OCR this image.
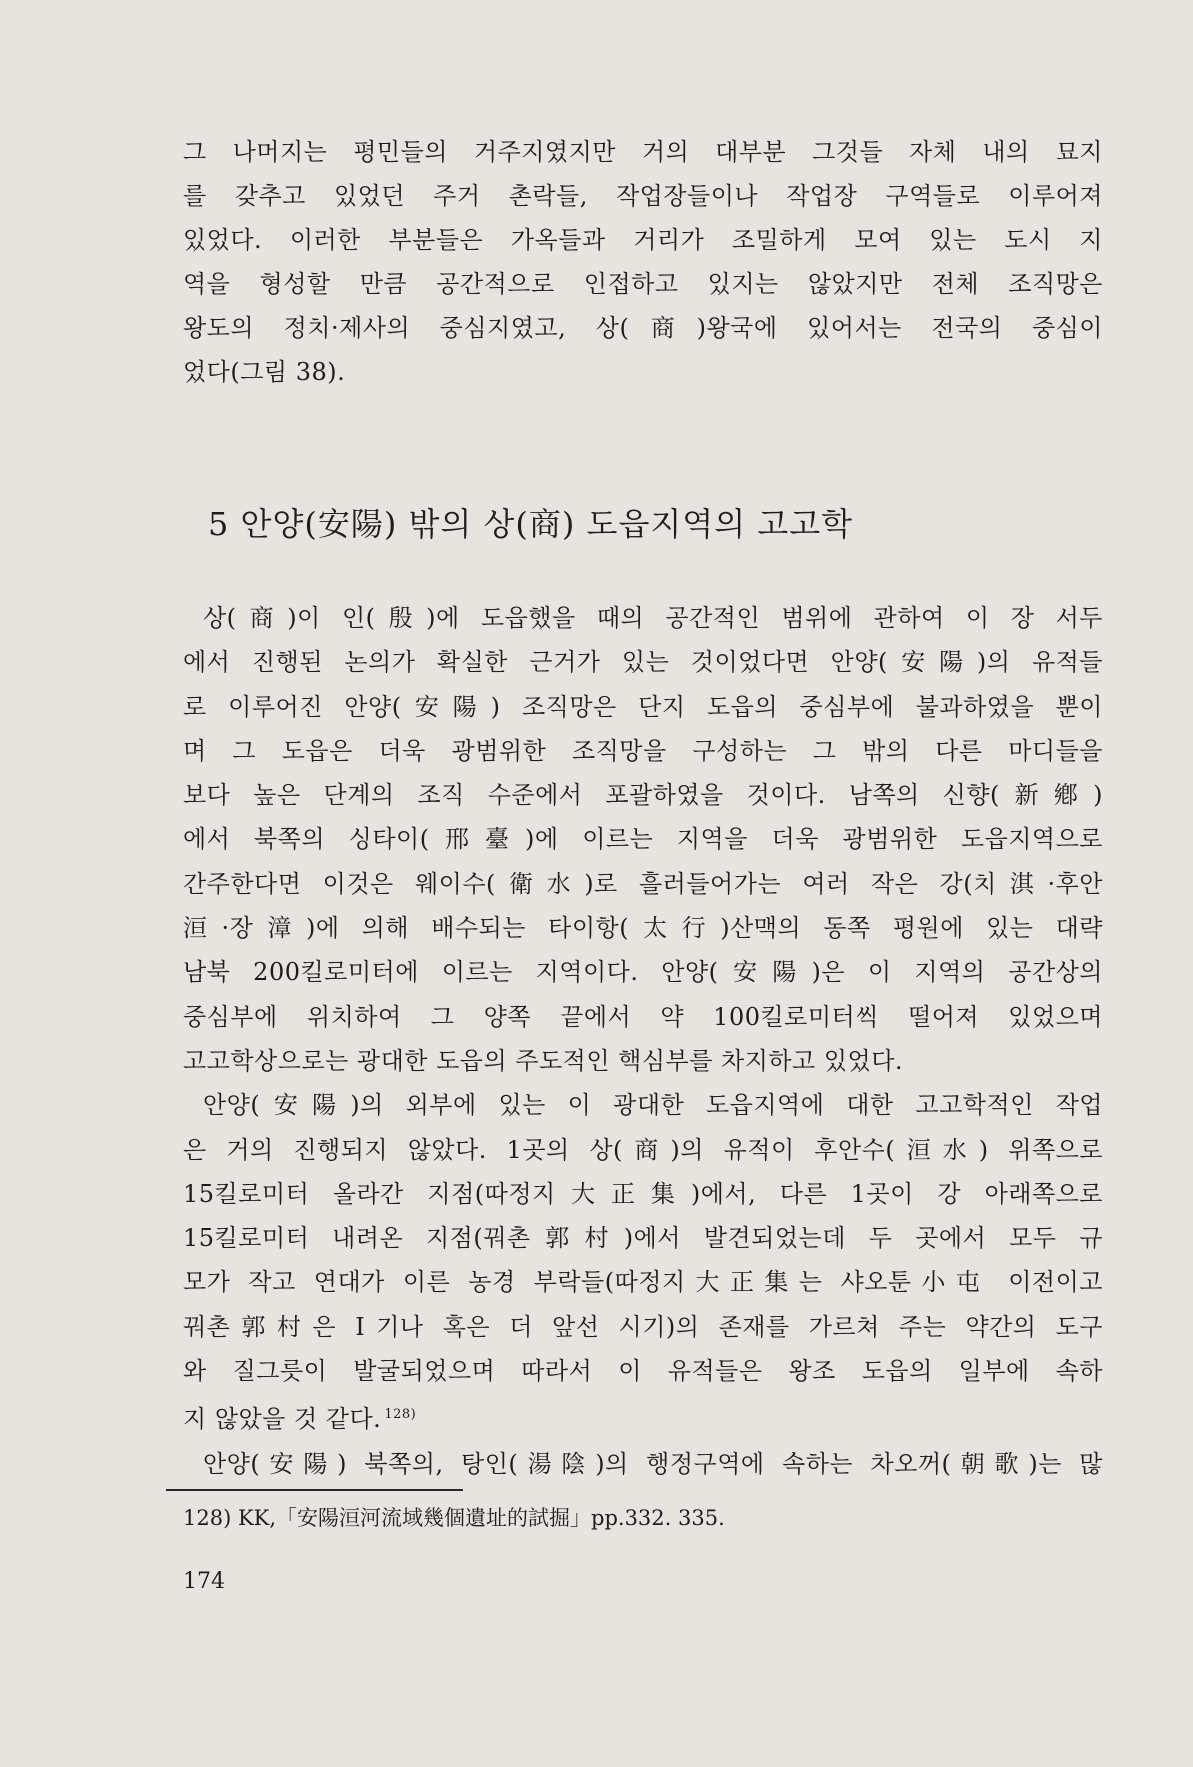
그 나머지는 평민들의 거주지였지만 거의 대부분 그것들 자체 내의 묘지
를 갖추고 있었던 주거 촌락들, 작업장들이나 작업장 구역들로 이루어져
있었다. 이러한 부분들은 가옥들과 거리가 조밀하게 모여 있는 도시 지
역을 형성할 만큼 공간적으로 인접하고 있지는 않았지만 전체 조직망은
왕도의 정치·제사의 중심지였고, 상(商)왕국에 있어서는 전국의 중심이
었다(그림 38).
5 안양(安陽) 밖의 상(商) 도읍지역의 고고학
상(商)이 인(殷)에 도읍했을 때의 공간적인 범위에 관하여 이 장 서두
에서 진행된 논의가 확실한 근거가 있는 것이었다면 안양(安陽)의 유적들
로 이루어진 안양(安陽) 조직망은 단지 도읍의 중심부에 불과하였을 뿐이
며 그 도읍은 더욱 광범위한 조직망을 구성하는 그 밖의 다른 마디들을
보다 높은 단계의 조직 수준에서 포괄하였을 것이다. 남쪽의 신향(新鄕)
에서 북쪽의 싱타이(邢臺)에 이르는 지역을 더욱 광범위한 도읍지역으로
간주한다면 이것은 웨이수(衛水)로 흘러들어가는 여러 작은 강(치淇·후안
洹·장漳)에 의해 배수되는 타이항(太行)산맥의 동쪽 평원에 있는 대략
남북 200킬로미터에 이르는 지역이다. 안양(安陽)은 이 지역의 공간상의
중심부에 위치하여 그 양쪽 끝에서 약 100킬로미터씩 떨어져 있었으며
고고학상으로는 광대한 도읍의 주도적인 핵심부를 차지하고 있었다.
안양(安陽)의 외부에 있는 이 광대한 도읍지역에 대한 고고학적인 작업
은 거의 진행되지 않았다. 1곳의 상(商)의 유적이 후안수(洹水) 위쪽으로
15킬로미터 올라간 지점(따정지大正集)에서, 다른 1곳이 강 아래쪽으로
15킬로미터 내려온 지점(꿔촌郭村)에서 발견되었는데 두 곳에서 모두 규
모가 작고 연대가 이른 농경 부락들(따정지大正集는 샤오툰小屯 이전이고
꿔촌郭村은 Ⅰ기나 혹은 더 앞선 시기)의 존재를 가르쳐 주는 약간의 도구
와 질그릇이 발굴되었으며 따라서 이 유적들은 왕조 도읍의 일부에 속하
지 않았을 것 같다. $^{128)}$
안양(安陽) 북쪽의, 탕인(湯陰)의 행정구역에 속하는 차오꺼(朝歌)는 많
128) KK,「安陽洹河流域幾個遺址的試掘」pp.332. 335.
174
